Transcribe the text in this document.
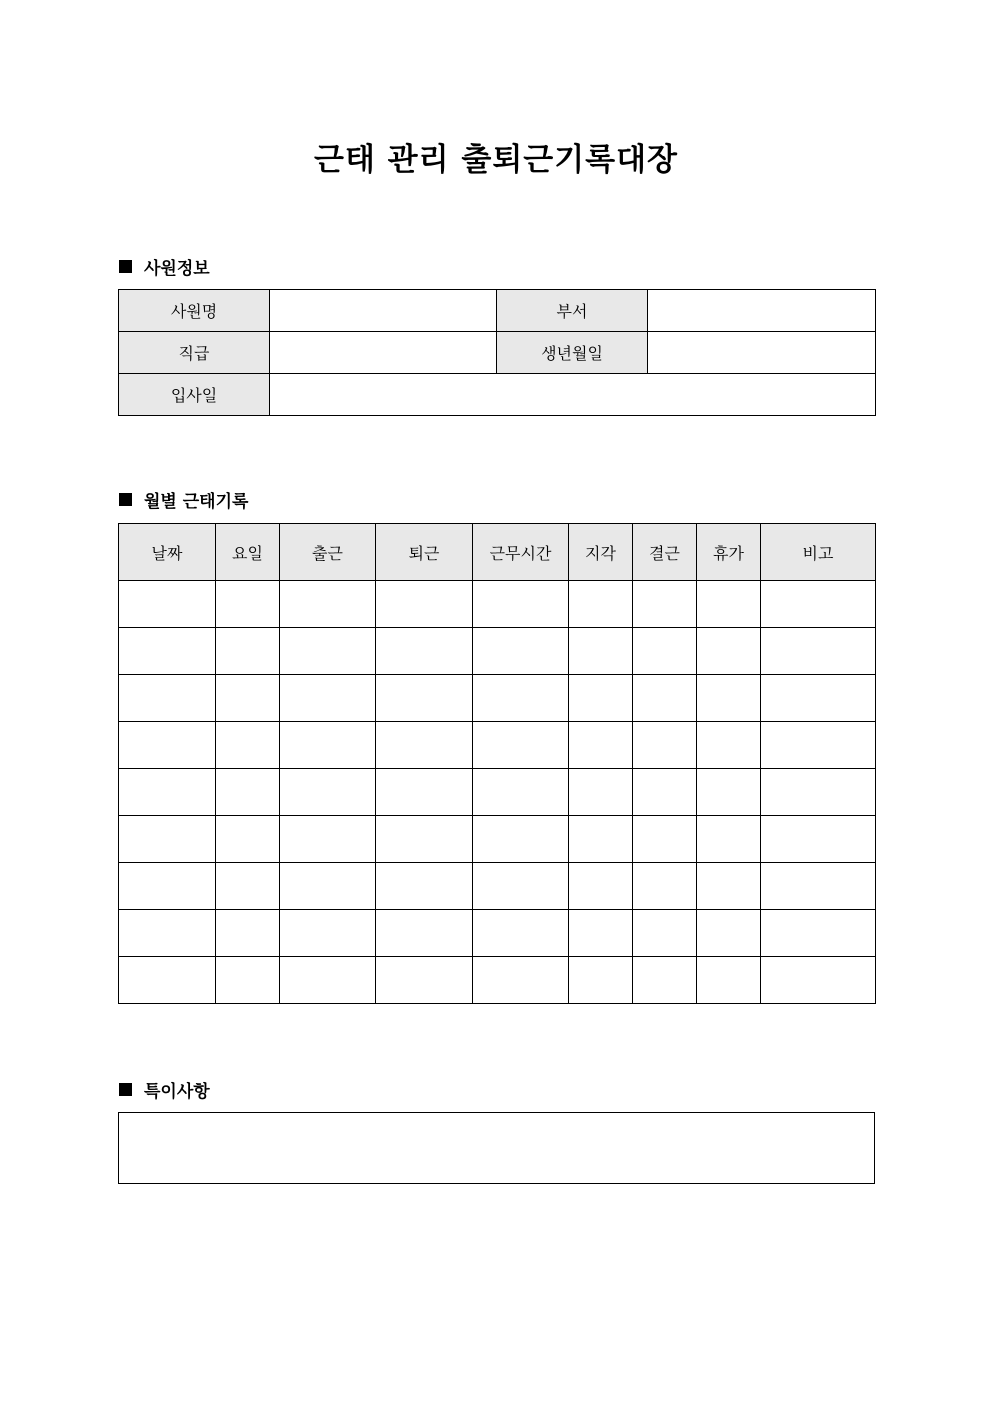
근태 관리 출퇴근기록대장
사원정보
사원명		부서	
직급		생년월일	
입사일			
월별 근태기록
날짜	요일	출근	퇴근	근무시간	지각	결근	휴가	비고

특이사항
